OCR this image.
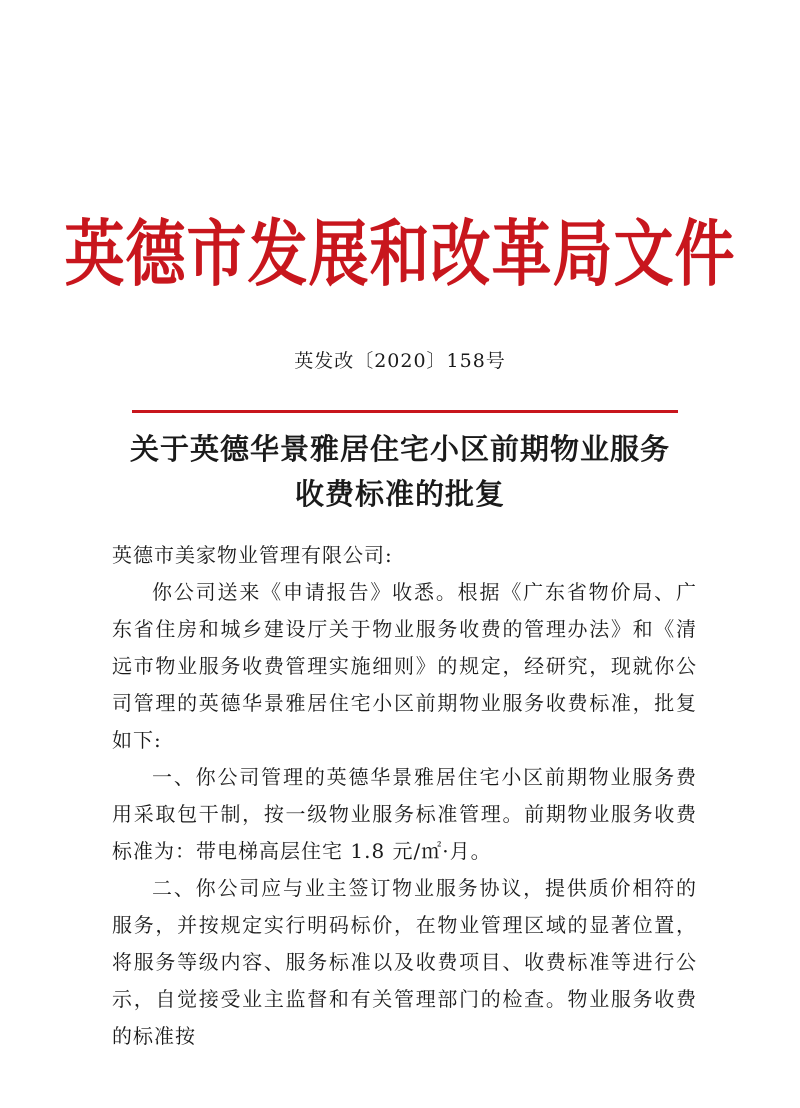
英德市发展和改革局文件
英发改〔2020〕158号
关于英德华景雅居住宅小区前期物业服务
收费标准的批复
英德市美家物业管理有限公司:

你公司送来《申请报告》收悉。根据《广东省物价局、广东省住房和城乡建设厅关于物业服务收费的管理办法》和《清远市物业服务收费管理实施细则》的规定，经研究，现就你公司管理的英德华景雅居住宅小区前期物业服务收费标准，批复如下:

一、你公司管理的英德华景雅居住宅小区前期物业服务费用采取包干制，按一级物业服务标准管理。前期物业服务收费标准为：带电梯高层住宅 1.8 元/㎡·月。

二、你公司应与业主签订物业服务协议，提供质价相符的服务，并按规定实行明码标价，在物业管理区域的显著位置，将服务等级内容、服务标准以及收费项目、收费标准等进行公示，自觉接受业主监督和有关管理部门的检查。物业服务收费的标准按
